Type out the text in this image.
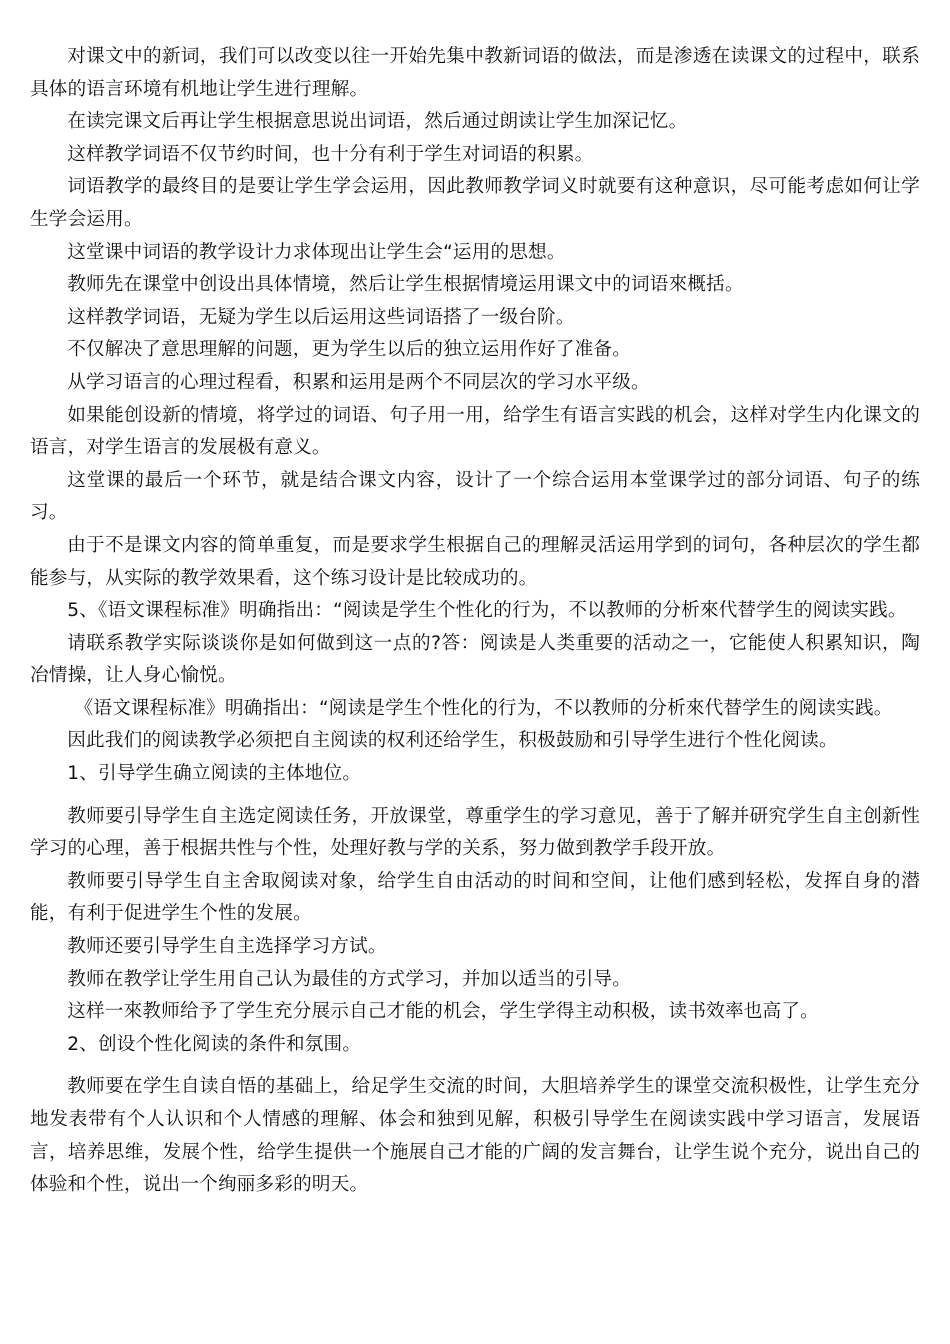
对课文中的新词，我们可以改变以往一开始先集中教新词语的做法，而是渗透在读课文的过程中，联系具体的语言环境有机地让学生进行理解。

在读完课文后再让学生根据意思说出词语，然后通过朗读让学生加深记忆。

这样教学词语不仅节约时间，也十分有利于学生对词语的积累。

词语教学的最终目的是要让学生学会运用，因此教师教学词义时就要有这种意识，尽可能考虑如何让学生学会运用。

这堂课中词语的教学设计力求体现出让学生会“运用的思想。

教师先在课堂中创设出具体情境，然后让学生根据情境运用课文中的词语來概括。

这样教学词语，无疑为学生以后运用这些词语搭了一级台阶。

不仅解决了意思理解的问题，更为学生以后的独立运用作好了准备。

从学习语言的心理过程看，积累和运用是两个不同层次的学习水平级。

如果能创设新的情境，将学过的词语、句子用一用，给学生有语言实践的机会，这样对学生内化课文的语言，对学生语言的发展极有意义。

这堂课的最后一个环节，就是结合课文内容，设计了一个综合运用本堂课学过的部分词语、句子的练习。

由于不是课文内容的简单重复，而是要求学生根据自己的理解灵活运用学到的词句，各种层次的学生都能参与，从实际的教学效果看，这个练习设计是比较成功的。

5、《语文课程标准》明确指出：“阅读是学生个性化的行为，不以教师的分析來代替学生的阅读实践。

请联系教学实际谈谈你是如何做到这一点的?答：阅读是人类重要的活动之一，它能使人积累知识，陶冶情操，让人身心愉悦。

《语文课程标准》明确指出：“阅读是学生个性化的行为，不以教师的分析來代替学生的阅读实践。

因此我们的阅读教学必须把自主阅读的权利还给学生，积极鼓励和引导学生进行个性化阅读。

1、引导学生确立阅读的主体地位。

教师要引导学生自主选定阅读任务，开放课堂，尊重学生的学习意见，善于了解并研究学生自主创新性学习的心理，善于根据共性与个性，处理好教与学的关系，努力做到教学手段开放。

教师要引导学生自主舍取阅读对象，给学生自由活动的时间和空间，让他们感到轻松，发挥自身的潜能，有利于促进学生个性的发展。

教师还要引导学生自主选择学习方试。

教师在教学让学生用自己认为最佳的方式学习，并加以适当的引导。

这样一來教师给予了学生充分展示自己才能的机会，学生学得主动积极，读书效率也高了。

2、创设个性化阅读的条件和氛围。

教师要在学生自读自悟的基础上，给足学生交流的时间，大胆培养学生的课堂交流积极性，让学生充分地发表带有个人认识和个人情感的理解、体会和独到见解，积极引导学生在阅读实践中学习语言，发展语言，培养思维，发展个性，给学生提供一个施展自己才能的广阔的发言舞台，让学生说个充分，说出自己的体验和个性，说出一个绚丽多彩的明天。
